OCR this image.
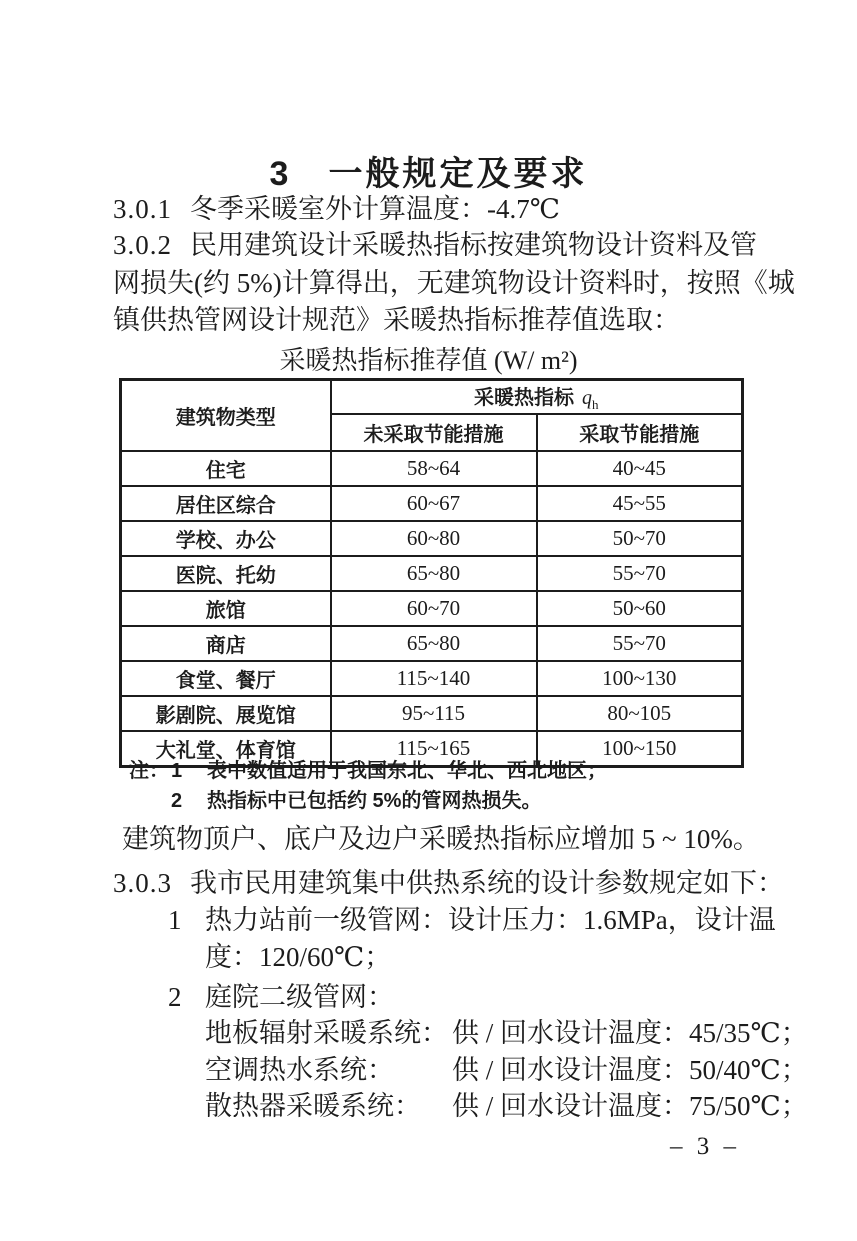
3　一般规定及要求
3.0.1 冬季采暖室外计算温度：-4.7℃
3.0.2 民用建筑设计采暖热指标按建筑物设计资料及管
网损失(约 5%)计算得出，无建筑物设计资料时，按照《城
镇供热管网设计规范》采暖热指标推荐值选取：
采暖热指标推荐值 (W/ m²)
建筑物类型	采暖热指标 $q_h$
	未采取节能措施	采取节能措施
住宅	58~64	40~45
居住区综合	60~67	45~55
学校、办公	60~80	50~70
医院、托幼	65~80	55~70
旅馆	60~70	50~60
商店	65~80	55~70
食堂、餐厅	115~140	100~130
影剧院、展览馆	95~115	80~105
大礼堂、体育馆	115~165	100~150
注： 1 表中数值适用于我国东北、华北、西北地区；
2 热指标中已包括约 5%的管网热损失。
建筑物顶户、底户及边户采暖热指标应增加 5 ~ 10%。
3.0.3 我市民用建筑集中供热系统的设计参数规定如下：
1 热力站前一级管网：设计压力：1.6MPa，设计温
度：120/60℃；
2 庭院二级管网：
地板辐射采暖系统： 供 / 回水设计温度：45/35℃；
空调热水系统： 供 / 回水设计温度：50/40℃；
散热器采暖系统： 供 / 回水设计温度：75/50℃；
– 3 –
